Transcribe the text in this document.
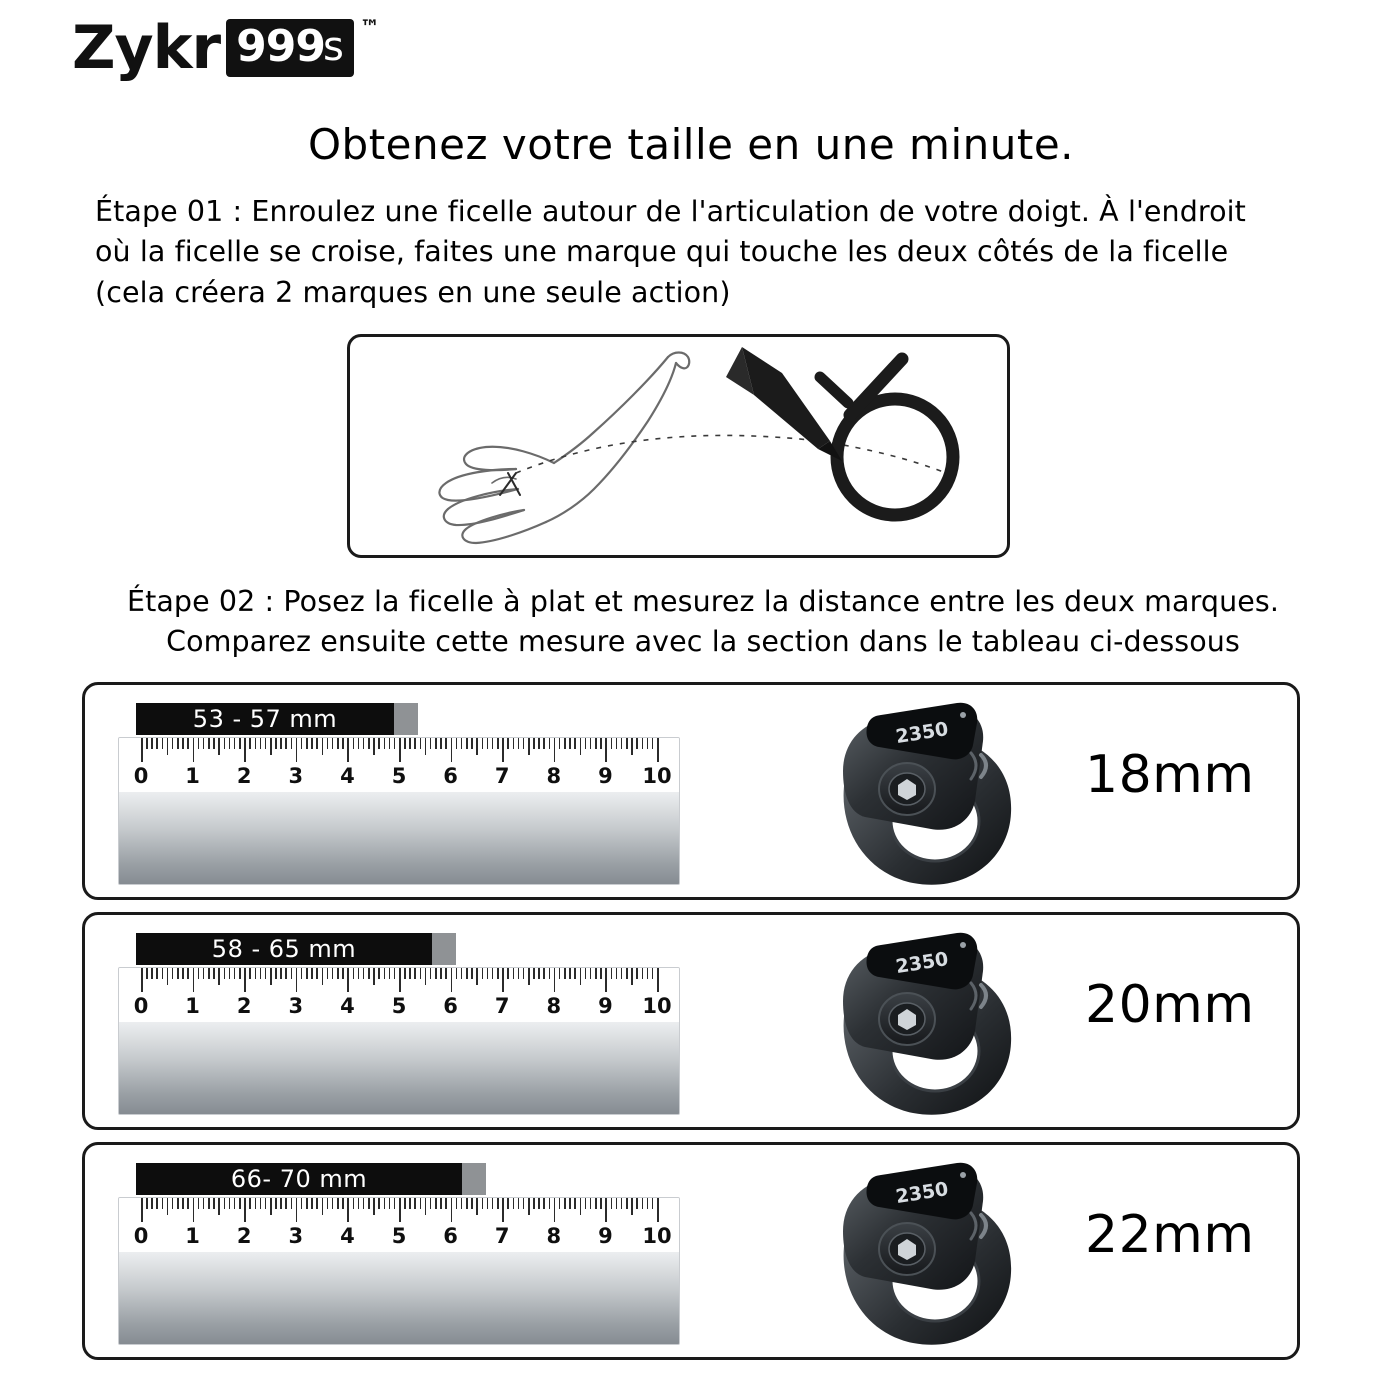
Zykr 999
ƨ ™
Obtenez votre taille en une minute.
Étape 01 : Enroulez une ficelle autour de l'articulation de votre doigt. À l'endroit
où la ficelle se croise, faites une marque qui touche les deux côtés de la ficelle
(cela créera 2 marques en une seule action)
Étape 02 : Posez la ficelle à plat et mesurez la distance entre les deux marques.
Comparez ensuite cette mesure avec la section dans le tableau ci-dessous
53 - 57 mm
0 1 2 3 4 5 6 7 8 9 10
2350
18mm
58 - 65 mm
0 1 2 3 4 5 6 7 8 9 10
2350
20mm
66- 70 mm
0 1 2 3 4 5 6 7 8 9 10
2350
22mm
